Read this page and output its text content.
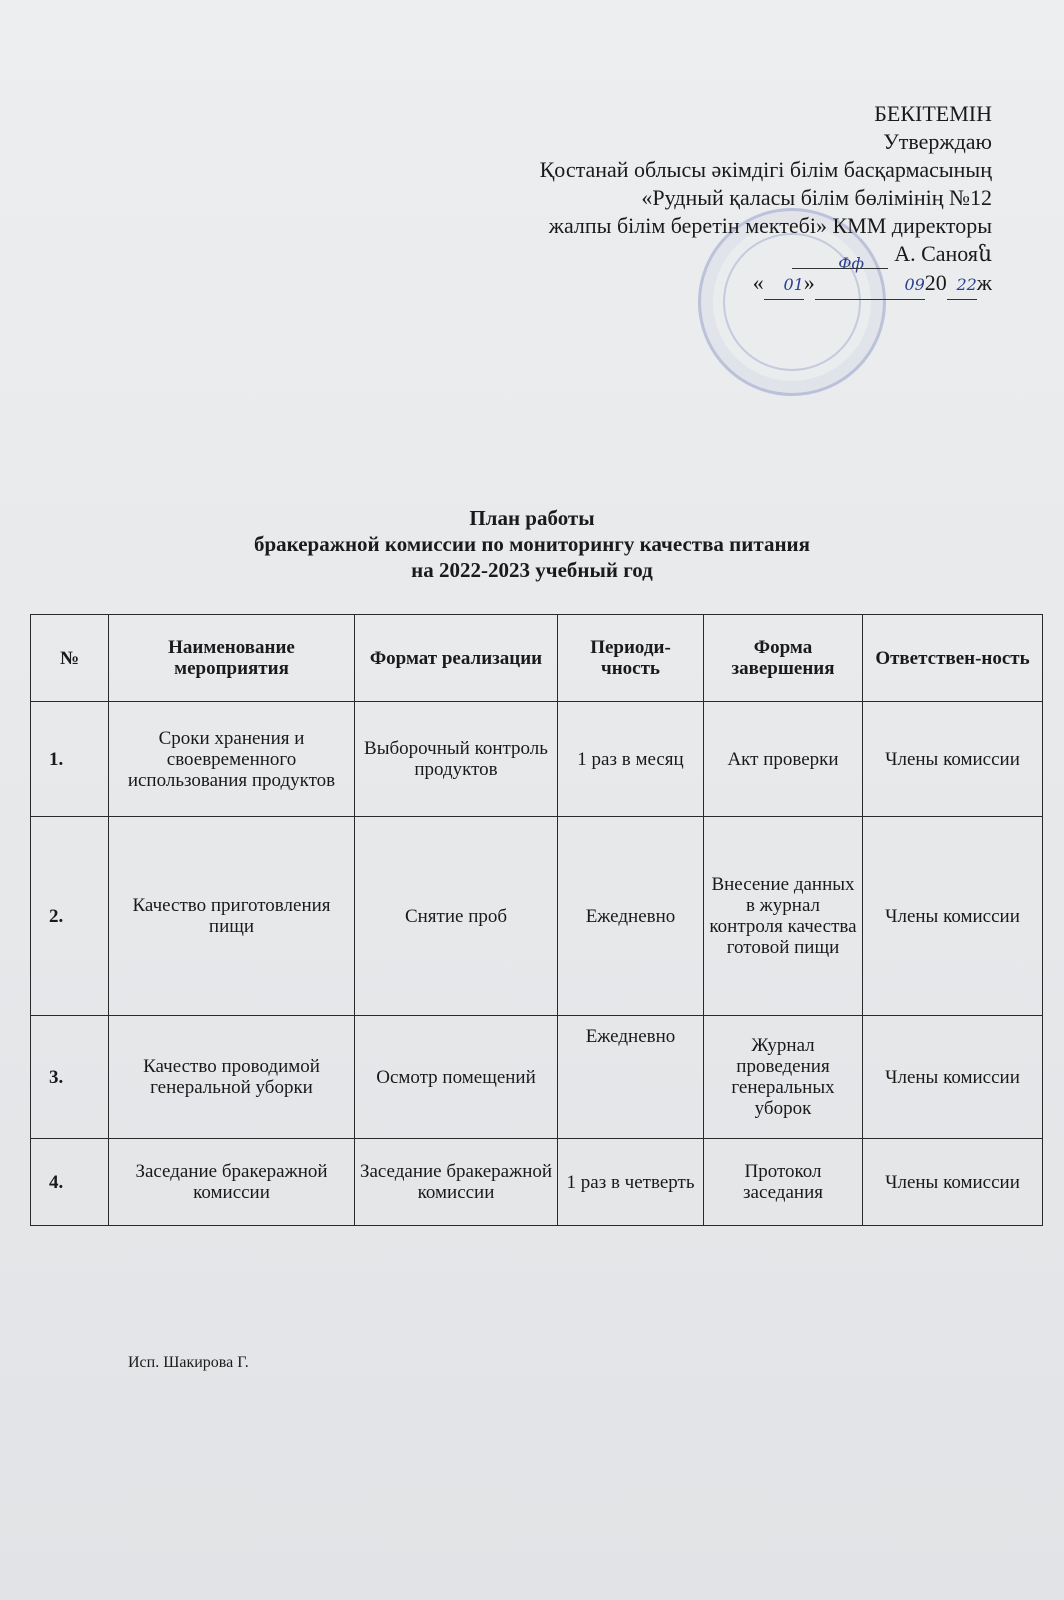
Фф
БЕКІТЕМІН
Утверждаю
Қостанай облысы әкімдігі білім басқармасының
«Рудный қаласы білім бөлімінің №12
жалпы білім беретін мектебі» КММ директоры
А. Санояն
« 01»	0920 22ж
План работы
бракеражной комиссии по мониторингу качества питания
на 2022-2023 учебный год
№	Наименование мероприятия	Формат реализации	Периоди-чность	Форма завершения	Ответствен-ность
1.	Сроки хранения и своевременного использования продуктов	Выборочный контроль продуктов	1 раз в месяц	Акт проверки	Члены комиссии
2.	Качество приготовления пищи	Снятие проб	Ежедневно	Внесение данных в журнал контроля качества готовой пищи	Члены комиссии
3.	Качество проводимой генеральной уборки	Осмотр помещений	Ежедневно	Журнал проведения генеральных уборок	Члены комиссии
4.	Заседание бракеражной комиссии	Заседание бракеражной комиссии	1 раз в четверть	Протокол заседания	Члены комиссии
Исп. Шакирова Г.
